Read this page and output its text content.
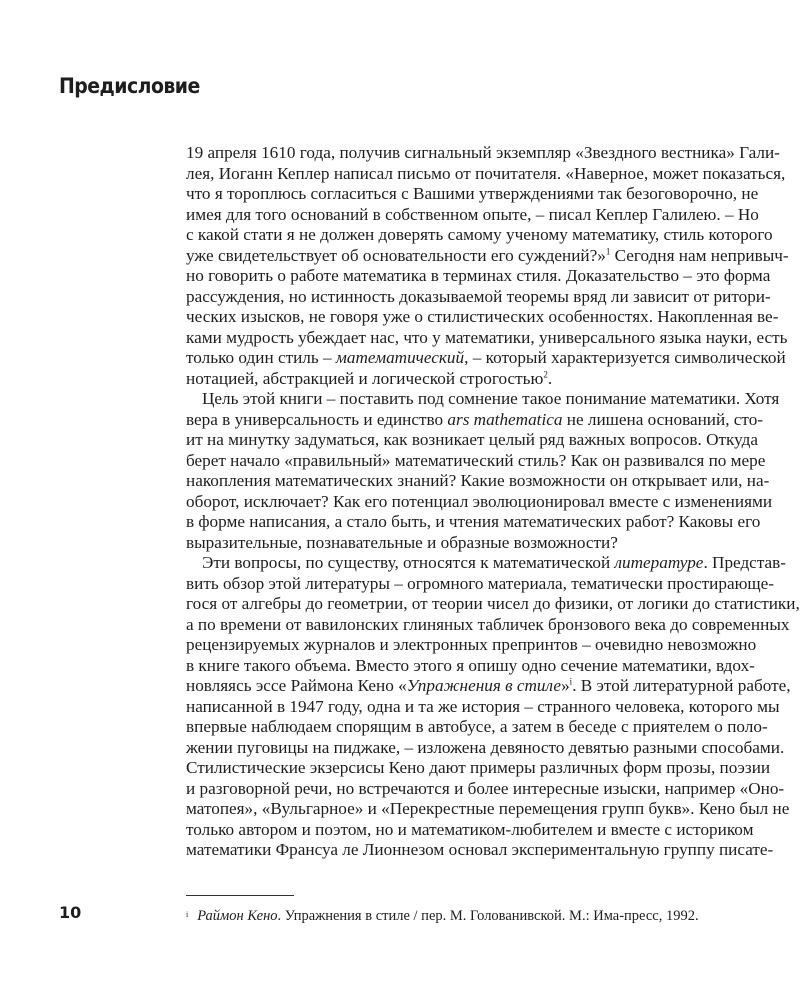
Предисловие
19 апреля 1610 года, получив сигнальный экземпляр «Звездного вестника» Гали-
лея, Иоганн Кеплер написал письмо от почитателя. «Наверное, может показаться,
что я тороплюсь согласиться с Вашими утверждениями так безоговорочно, не
имея для того оснований в собственном опыте, – писал Кеплер Галилею. – Но
с какой стати я не должен доверять самому ученому математику, стиль которого
уже свидетельствует об основательности его суждений?»$^1$ Сегодня нам непривыч-
но говорить о работе математика в терминах стиля. Доказательство – это форма
рассуждения, но истинность доказываемой теоремы вряд ли зависит от ритори-
ческих изысков, не говоря уже о стилистических особенностях. Накопленная ве-
ками мудрость убеждает нас, что у математики, универсального языка науки, есть
только один стиль – математический, – который характеризуется символической
нотацией, абстракцией и логической строгостью$^2$.
Цель этой книги – поставить под сомнение такое понимание математики. Хотя
вера в универсальность и единство ars mathematica не лишена оснований, сто-
ит на минутку задуматься, как возникает целый ряд важных вопросов. Откуда
берет начало «правильный» математический стиль? Как он развивался по мере
накопления математических знаний? Какие возможности он открывает или, на-
оборот, исключает? Как его потенциал эволюционировал вместе с изменениями
в форме написания, а стало быть, и чтения математических работ? Каковы его
выразительные, познавательные и образные возможности?
Эти вопросы, по существу, относятся к математической литературе. Представ-
вить обзор этой литературы – огромного материала, тематически простирающе-
гося от алгебры до геометрии, от теории чисел до физики, от логики до статистики,
а по времени от вавилонских глиняных табличек бронзового века до современных
рецензируемых журналов и электронных препринтов – очевидно невозможно
в книге такого объема. Вместо этого я опишу одно сечение математики, вдох-
новляясь эссе Раймона Кено «Упражнения в стиле»$^i$. В этой литературной работе,
написанной в 1947 году, одна и та же история – странного человека, которого мы
впервые наблюдаем спорящим в автобусе, а затем в беседе с приятелем о поло-
жении пуговицы на пиджаке, – изложена девяносто девятью разными способами.
Стилистические экзерсисы Кено дают примеры различных форм прозы, поэзии
и разговорной речи, но встречаются и более интересные изыски, например «Оно-
матопея», «Вульгарное» и «Перекрестные перемещения групп букв». Кено был не
только автором и поэтом, но и математиком-любителем и вместе с историком
математики Франсуа ле Лионнезом основал экспериментальную группу писате-
10	$^i$ Раймон Кено. Упражнения в стиле / пер. М. Голованивской. М.: Има-пресс, 1992.
